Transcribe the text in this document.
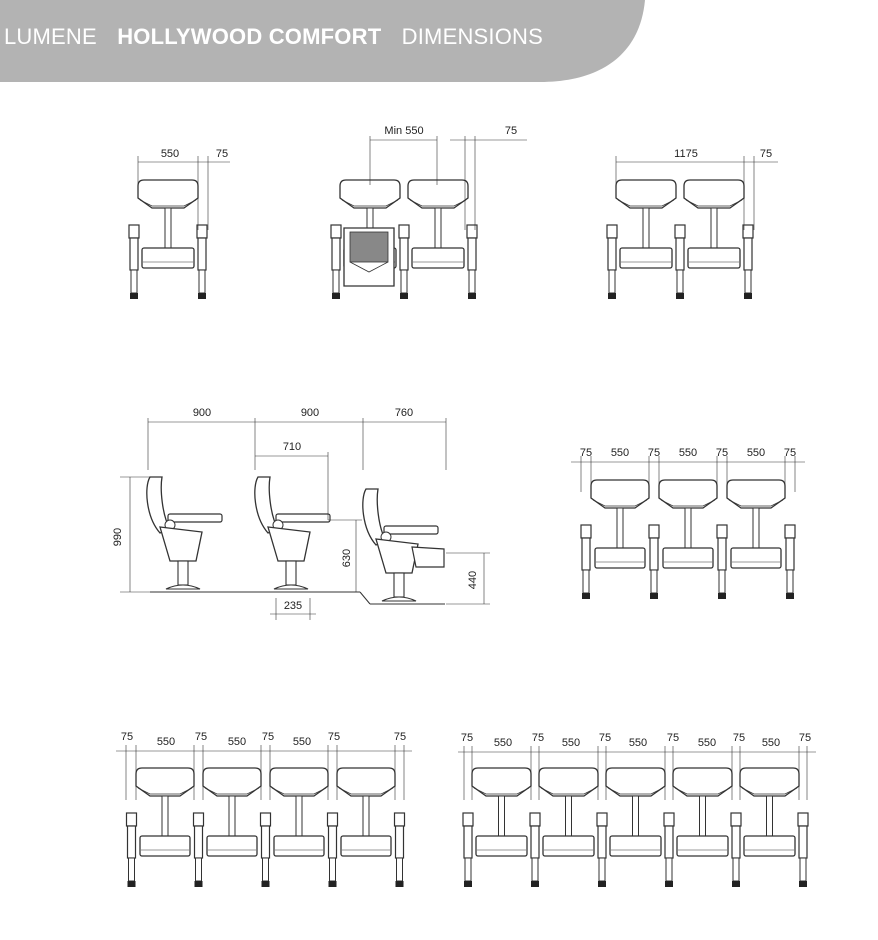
LUMENE HOLLYWOOD COMFORT DIMENSIONS
550	75
Min 550	75
1175	75
900	900	760
710
990
630
440
235
75 550 75 550 75 550 75
75 550 75 550 75 550 75	75	75 550 75 550 75 550 75 550 75 550 75
